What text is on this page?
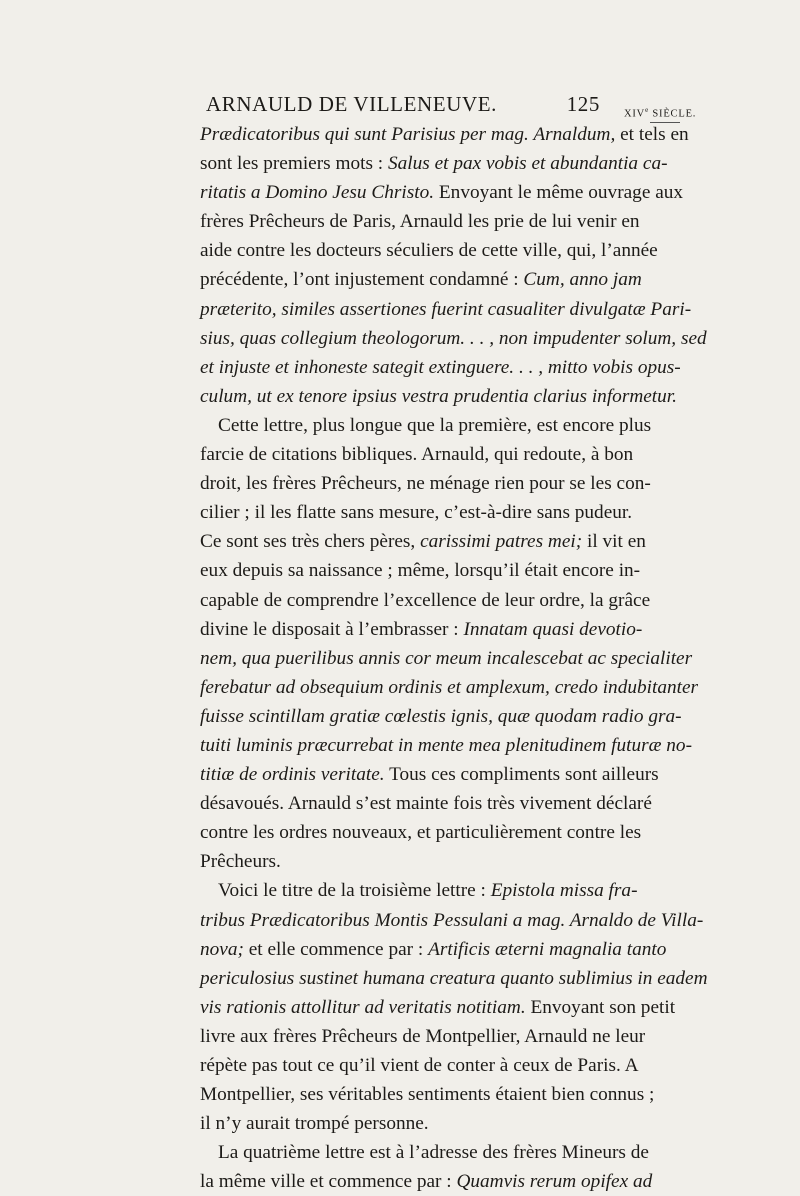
ARNAULD DE VILLENEUVE.	125 XIVe SIÈCLE.
Prædicatoribus qui sunt Parisius per mag. Arnaldum, et tels en
sont les premiers mots : Salus et pax vobis et abundantia ca-
ritatis a Domino Jesu Christo. Envoyant le même ouvrage aux
frères Prêcheurs de Paris, Arnauld les prie de lui venir en
aide contre les docteurs séculiers de cette ville, qui, l’année
précédente, l’ont injustement condamné : Cum, anno jam
præterito, similes assertiones fuerint casualiter divulgatæ Pari-
sius, quas collegium theologorum. . . , non impudenter solum, sed
et injuste et inhoneste sategit extinguere. . . , mitto vobis opus-
culum, ut ex tenore ipsius vestra prudentia clarius informetur.
Cette lettre, plus longue que la première, est encore plus
farcie de citations bibliques. Arnauld, qui redoute, à bon
droit, les frères Prêcheurs, ne ménage rien pour se les con-
cilier ; il les flatte sans mesure, c’est-à-dire sans pudeur.
Ce sont ses très chers pères, carissimi patres mei; il vit en
eux depuis sa naissance ; même, lorsqu’il était encore in-
capable de comprendre l’excellence de leur ordre, la grâce
divine le disposait à l’embrasser : Innatam quasi devotio-
nem, qua puerilibus annis cor meum incalescebat ac specialiter
ferebatur ad obsequium ordinis et amplexum, credo indubitanter
fuisse scintillam gratiæ cœlestis ignis, quæ quodam radio gra-
tuiti luminis præcurrebat in mente mea plenitudinem futuræ no-
titiæ de ordinis veritate. Tous ces compliments sont ailleurs
désavoués. Arnauld s’est mainte fois très vivement déclaré
contre les ordres nouveaux, et particulièrement contre les
Prêcheurs.
Voici le titre de la troisième lettre : Epistola missa fra-
tribus Prædicatoribus Montis Pessulani a mag. Arnaldo de Villa-
nova; et elle commence par : Artificis æterni magnalia tanto
periculosius sustinet humana creatura quanto sublimius in eadem
vis rationis attollitur ad veritatis notitiam. Envoyant son petit
livre aux frères Prêcheurs de Montpellier, Arnauld ne leur
répète pas tout ce qu’il vient de conter à ceux de Paris. A
Montpellier, ses véritables sentiments étaient bien connus ;
il n’y aurait trompé personne.
La quatrième lettre est à l’adresse des frères Mineurs de
la même ville et commence par : Quamvis rerum opifex ad
